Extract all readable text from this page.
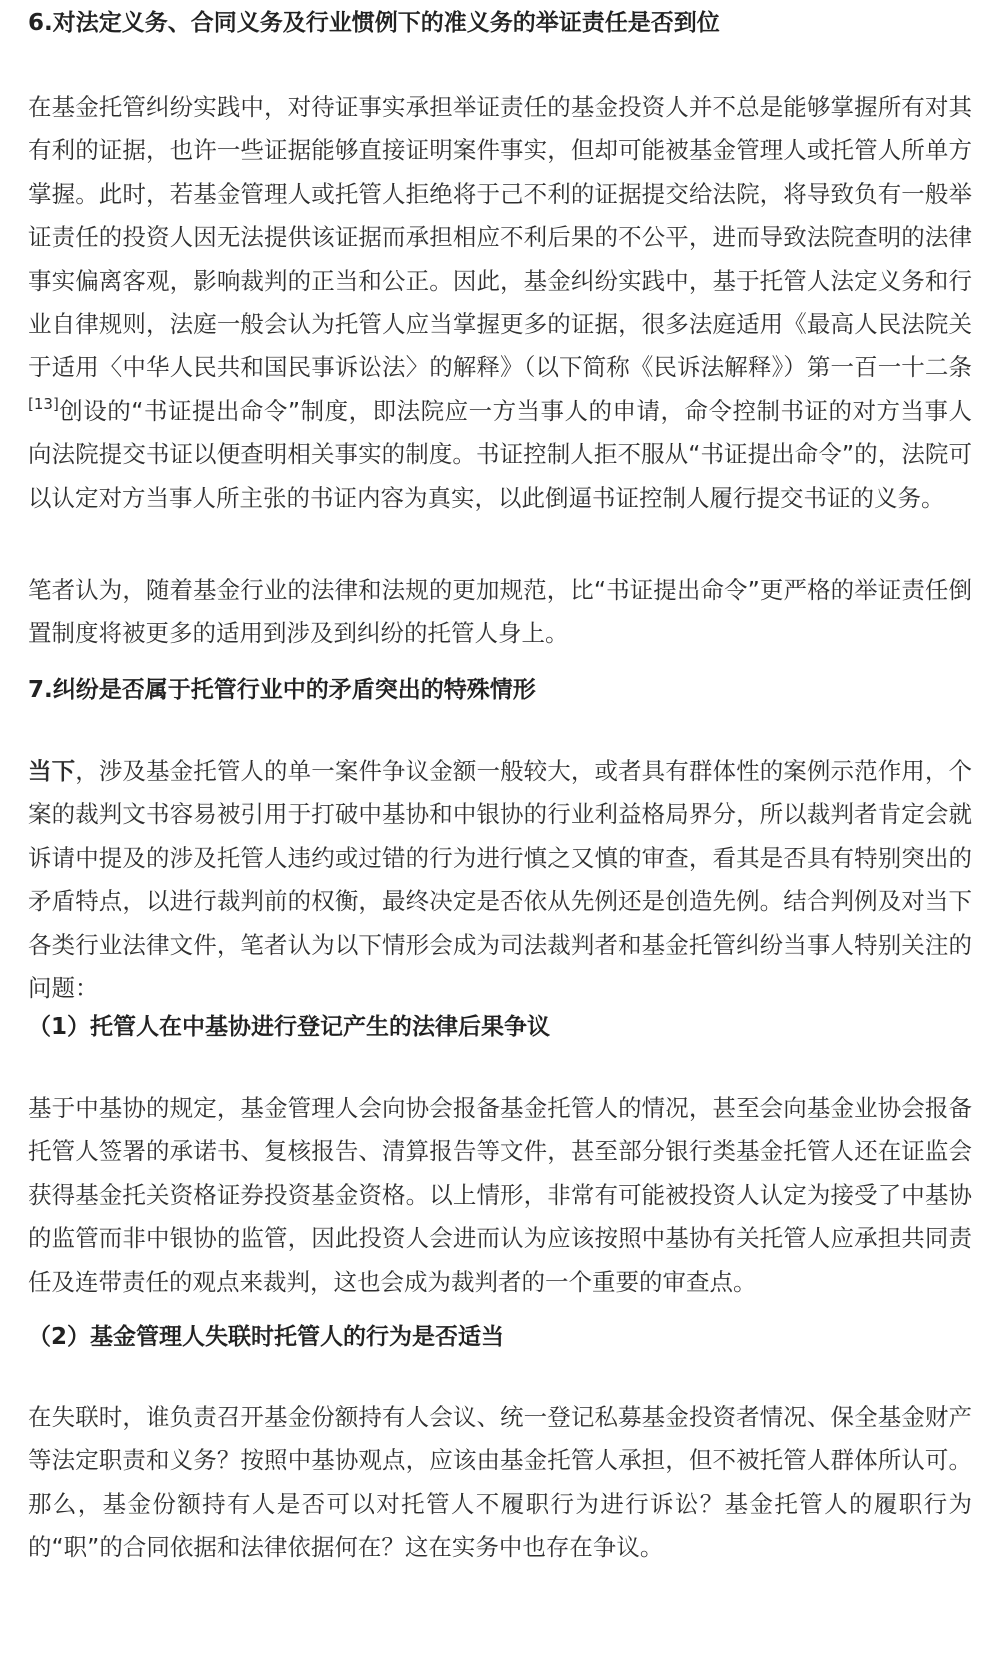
6.对法定义务、合同义务及行业惯例下的准义务的举证责任是否到位

在基金托管纠纷实践中，对待证事实承担举证责任的基金投资人并不总是能够掌握所有对其有利的证据，也许一些证据能够直接证明案件事实，但却可能被基金管理人或托管人所单方掌握。此时，若基金管理人或托管人拒绝将于己不利的证据提交给法院，将导致负有一般举证责任的投资人因无法提供该证据而承担相应不利后果的不公平，进而导致法院查明的法律事实偏离客观，影响裁判的正当和公正。因此，基金纠纷实践中，基于托管人法定义务和行业自律规则，法庭一般会认为托管人应当掌握更多的证据，很多法庭适用《最高人民法院关于适用〈中华人民共和国民事诉讼法〉的解释》（以下简称《民诉法解释》）第一百一十二条[13]创设的“书证提出命令”制度，即法院应一方当事人的申请，命令控制书证的对方当事人向法院提交书证以便查明相关事实的制度。书证控制人拒不服从“书证提出命令”的，法院可以认定对方当事人所主张的书证内容为真实，以此倒逼书证控制人履行提交书证的义务。

笔者认为，随着基金行业的法律和法规的更加规范，比“书证提出命令”更严格的举证责任倒置制度将被更多的适用到涉及到纠纷的托管人身上。

7.纠纷是否属于托管行业中的矛盾突出的特殊情形

当下，涉及基金托管人的单一案件争议金额一般较大，或者具有群体性的案例示范作用，个案的裁判文书容易被引用于打破中基协和中银协的行业利益格局界分，所以裁判者肯定会就诉请中提及的涉及托管人违约或过错的行为进行慎之又慎的审查，看其是否具有特别突出的矛盾特点，以进行裁判前的权衡，最终决定是否依从先例还是创造先例。结合判例及对当下各类行业法律文件，笔者认为以下情形会成为司法裁判者和基金托管纠纷当事人特别关注的问题：

（1）托管人在中基协进行登记产生的法律后果争议

基于中基协的规定，基金管理人会向协会报备基金托管人的情况，甚至会向基金业协会报备托管人签署的承诺书、复核报告、清算报告等文件，甚至部分银行类基金托管人还在证监会获得基金托关资格证券投资基金资格。以上情形，非常有可能被投资人认定为接受了中基协的监管而非中银协的监管，因此投资人会进而认为应该按照中基协有关托管人应承担共同责任及连带责任的观点来裁判，这也会成为裁判者的一个重要的审查点。

（2）基金管理人失联时托管人的行为是否适当

在失联时，谁负责召开基金份额持有人会议、统一登记私募基金投资者情况、保全基金财产等法定职责和义务？按照中基协观点，应该由基金托管人承担，但不被托管人群体所认可。那么，基金份额持有人是否可以对托管人不履职行为进行诉讼？基金托管人的履职行为的“职”的合同依据和法律依据何在？这在实务中也存在争议。
